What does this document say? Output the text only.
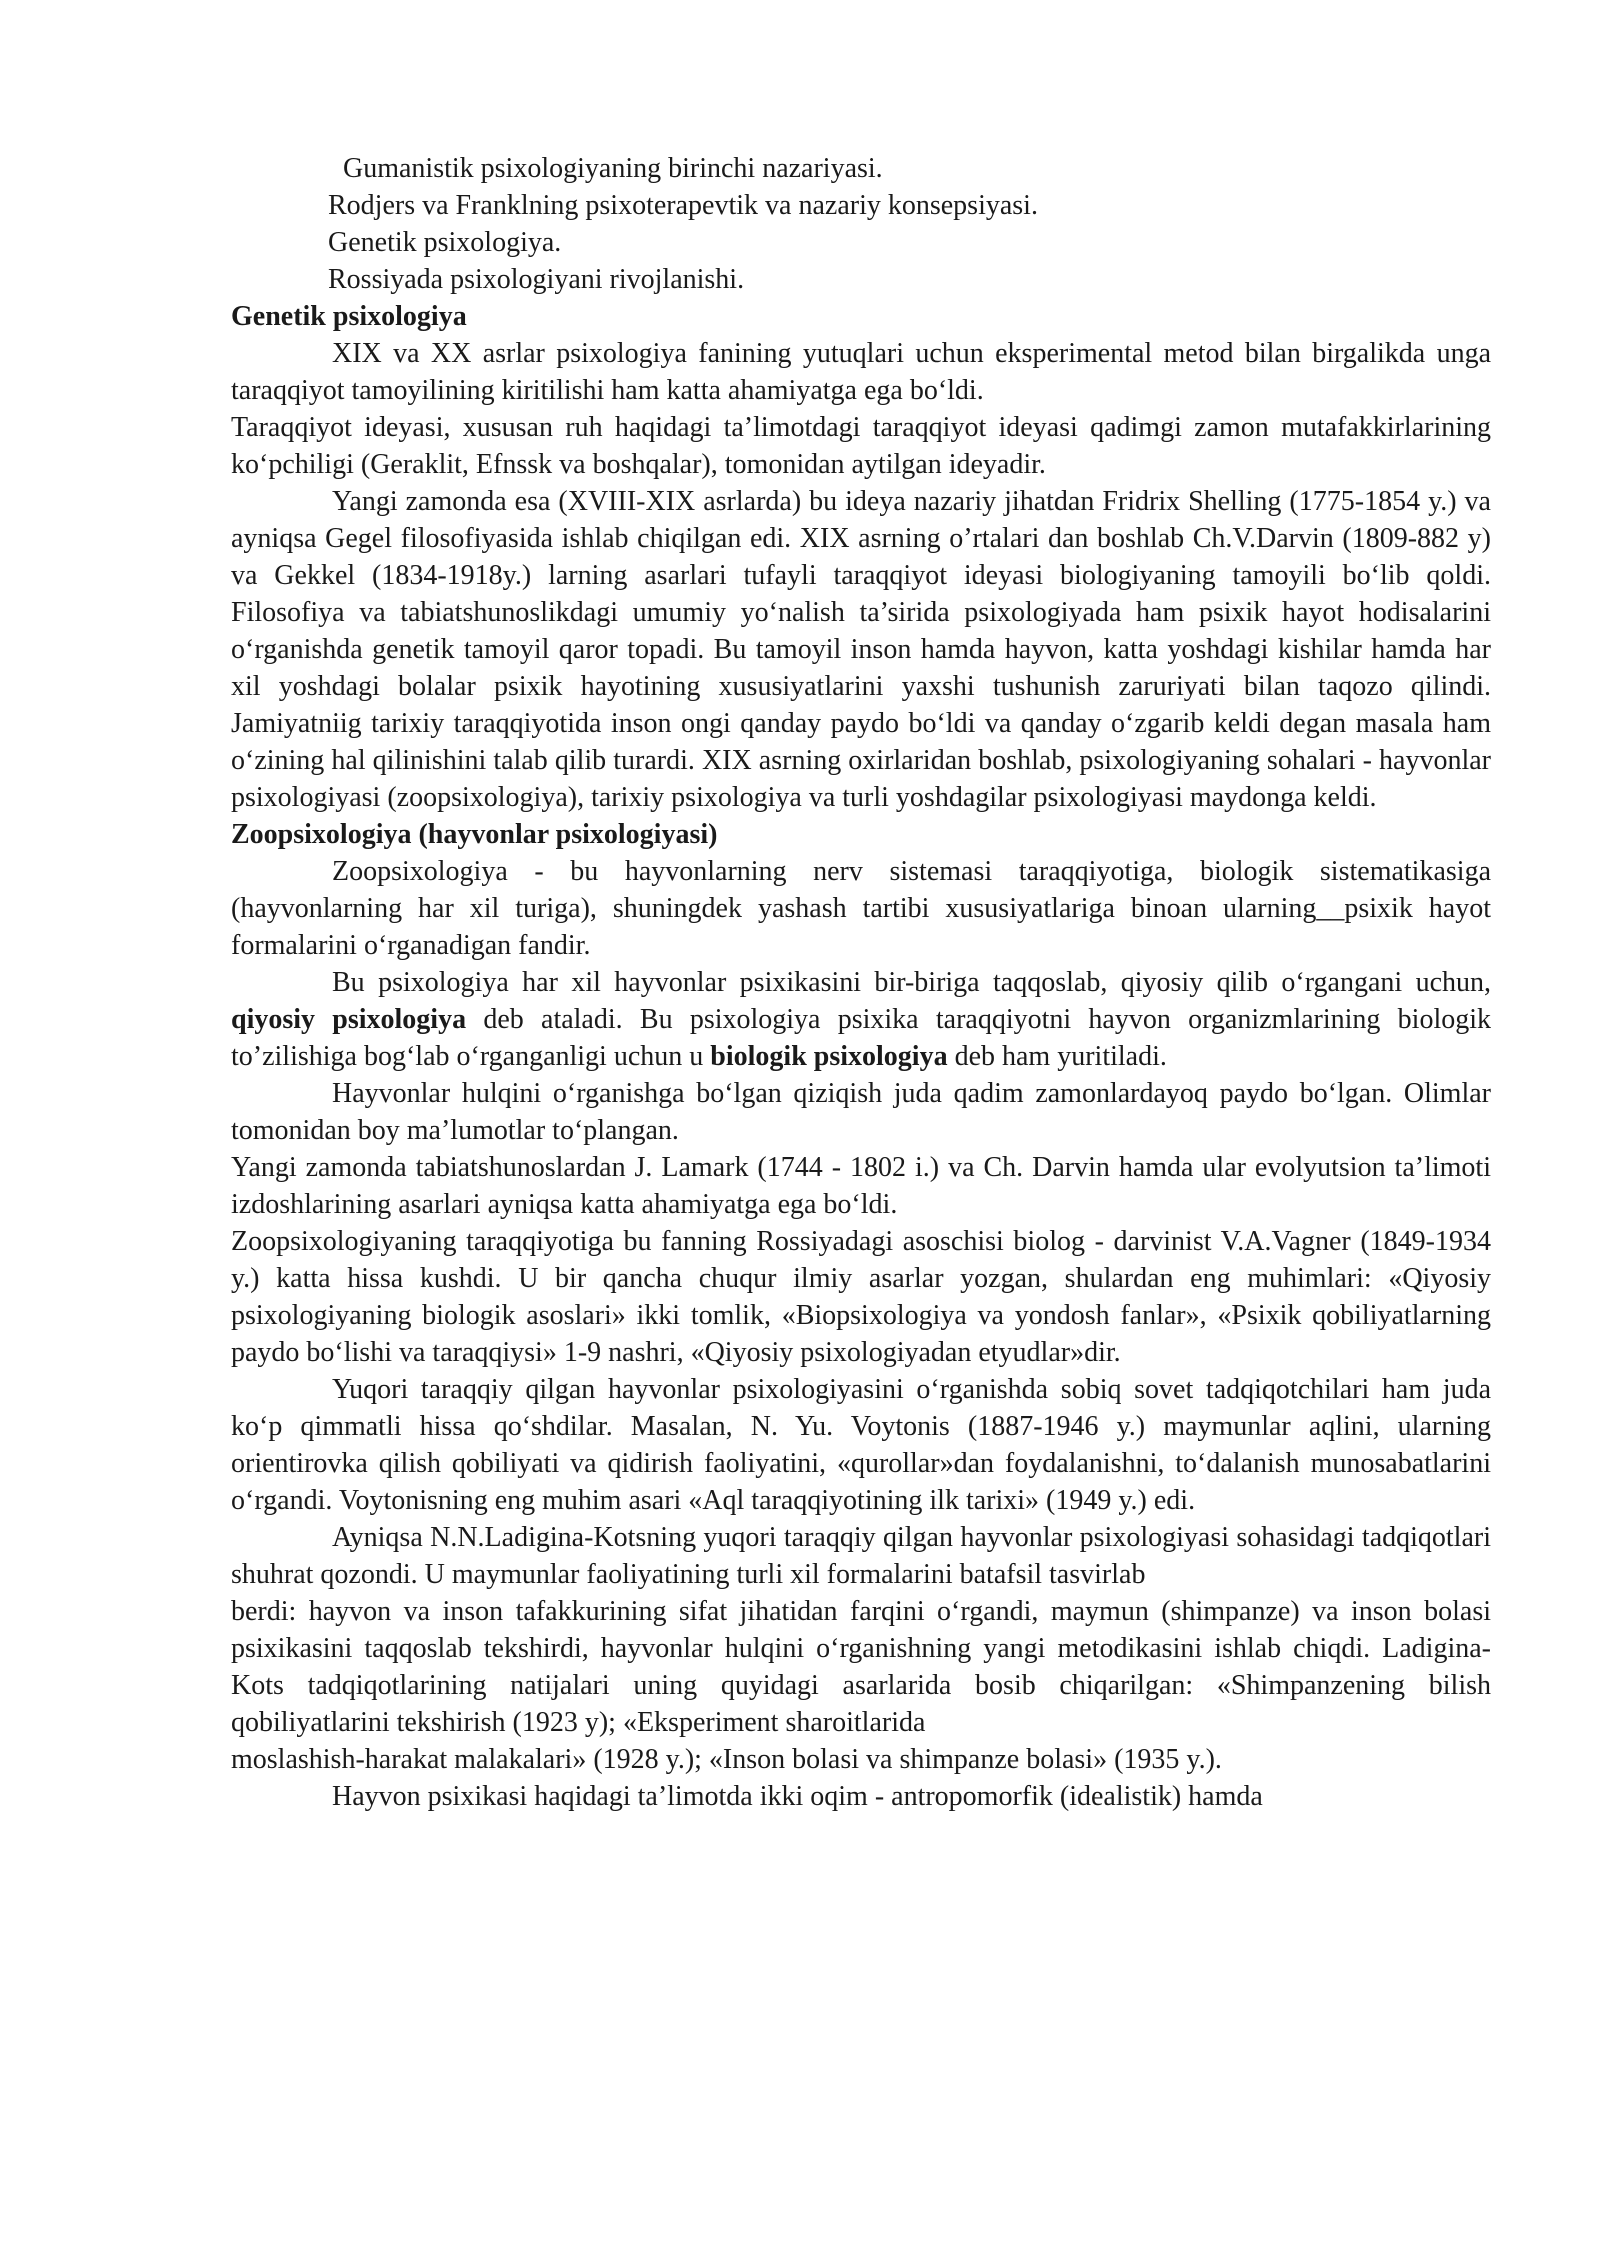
Gumanistik psixologiyaning birinchi nazariyasi.

Rodjers va Franklning psixoterapevtik va nazariy konsepsiyasi.

Genetik psixologiya.

Rossiyada psixologiyani rivojlanishi.

Genetik psixologiya

XIX va XX asrlar psixologiya fanining yutuqlari uchun eksperimental metod bilan birgalikda unga taraqqiyot tamoyilining kiritilishi ham katta ahamiyatga ega bo‘ldi.

Taraqqiyot ideyasi, xususan ruh haqidagi ta’limotdagi taraqqiyot ideyasi qadimgi zamon mutafakkirlarining ko‘pchiligi (Geraklit, Efnssk va boshqalar), tomonidan aytilgan ideyadir.

Yangi zamonda esa (XVIII-XIX asrlarda) bu ideya nazariy jihatdan Fridrix Shelling (1775-1854 y.) va ayniqsa Gegel filosofiyasida ishlab chiqilgan edi. XIX asrning o’rtalari dan boshlab Ch.V.Darvin (1809-882 y) va Gekkel (1834-1918y.) larning asarlari tufayli taraqqiyot ideyasi biologiyaning tamoyili bo‘lib qoldi. Filosofiya va tabiatshunoslikdagi umumiy yo‘nalish ta’sirida psixologiyada ham psixik hayot hodisalarini o‘rganishda genetik tamoyil qaror topadi. Bu tamoyil inson hamda hayvon, katta yoshdagi kishilar hamda har xil yoshdagi bolalar psixik hayotining xususiyatlarini yaxshi tushunish zaruriyati bilan taqozo qilindi. Jamiyatniig tarixiy taraqqiyotida inson ongi qanday paydo bo‘ldi va qanday o‘zgarib keldi degan masala ham o‘zining hal qilinishini talab qilib turardi. XIX asrning oxirlaridan boshlab, psixologiyaning sohalari - hayvonlar psixologiyasi (zoopsixologiya), tarixiy psixologiya va turli yoshdagilar psixologiyasi maydonga keldi.

Zoopsixologiya (hayvonlar psixologiyasi)

Zoopsixologiya - bu hayvonlarning nerv sistemasi taraqqiyotiga, biologik sistematikasiga (hayvonlarning har xil turiga), shuningdek yashash tartibi xususiyatlariga binoan ularning__psixik hayot formalarini o‘rganadigan fandir.

Bu psixologiya har xil hayvonlar psixikasini bir-biriga taqqoslab, qiyosiy qilib o‘rgangani uchun, qiyosiy psixologiya deb ataladi. Bu psixologiya psixika taraqqiyotni hayvon organizmlarining biologik to’zilishiga bog‘lab o‘rganganligi uchun u biologik psixologiya deb ham yuritiladi.

Hayvonlar hulqini o‘rganishga bo‘lgan qiziqish juda qadim zamonlardayoq paydo bo‘lgan. Olimlar tomonidan boy ma’lumotlar to‘plangan.

Yangi zamonda tabiatshunoslardan J. Lamark (1744 - 1802 i.) va Ch. Darvin hamda ular evolyutsion ta’limoti izdoshlarining asarlari ayniqsa katta ahamiyatga ega bo‘ldi.

Zoopsixologiyaning taraqqiyotiga bu fanning Rossiyadagi asoschisi biolog - darvinist V.A.Vagner (1849-1934 y.) katta hissa kushdi. U bir qancha chuqur ilmiy asarlar yozgan, shulardan eng muhimlari: «Qiyosiy psixologiyaning biologik asoslari» ikki tomlik, «Biopsixologiya va yondosh fanlar», «Psixik qobiliyatlarning paydo bo‘lishi va taraqqiysi» 1-9 nashri, «Qiyosiy psixologiyadan etyudlar»dir.

Yuqori taraqqiy qilgan hayvonlar psixologiyasini o‘rganishda sobiq sovet tadqiqotchilari ham juda ko‘p qimmatli hissa qo‘shdilar. Masalan, N. Yu. Voytonis (1887-1946 y.) maymunlar aqlini, ularning orientirovka qilish qobiliyati va qidirish faoliyatini, «qurollar»dan foydalanishni, to‘dalanish munosabatlarini o‘rgandi. Voytonisning eng muhim asari «Aql taraqqiyotining ilk tarixi» (1949 y.) edi.

Ayniqsa N.N.Ladigina-Kotsning yuqori taraqqiy qilgan hayvonlar psixologiyasi sohasidagi tadqiqotlari shuhrat qozondi. U maymunlar faoliyatining turli xil formalarini batafsil tasvirlab

berdi: hayvon va inson tafakkurining sifat jihatidan farqini o‘rgandi, maymun (shimpanze) va inson bolasi psixikasini taqqoslab tekshirdi, hayvonlar hulqini o‘rganishning yangi metodikasini ishlab chiqdi. Ladigina-Kots tadqiqotlarining natijalari uning quyidagi asarlarida bosib chiqarilgan: «Shimpanzening bilish qobiliyatlarini tekshirish (1923 y); «Eksperiment sharoitlarida

moslashish-harakat malakalari» (1928 y.); «Inson bolasi va shimpanze bolasi» (1935 y.).

Hayvon psixikasi haqidagi ta’limotda ikki oqim - antropomorfik (idealistik) hamda
